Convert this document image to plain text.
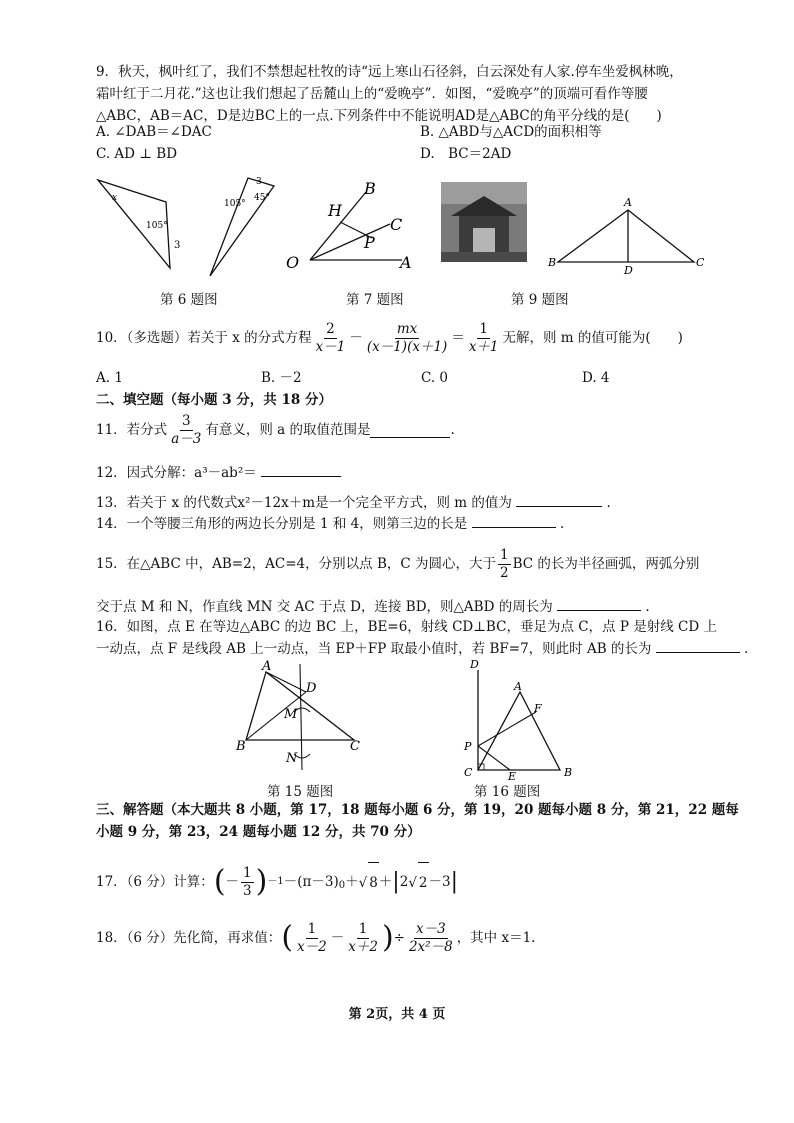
9．秋天，枫叶红了，我们不禁想起杜牧的诗“远上寒山石径斜，白云深处有人家.停车坐爱枫林晚，
霜叶红于二月花.”这也让我们想起了岳麓山上的“爱晚亭”．如图，“爱晚亭”的顶端可看作等腰
△ABC，AB＝AC，D是边BC上的一点.下列条件中不能说明AD是△ABC的角平分线的是(　　)
A. ∠DAB＝∠DAC	B. △ABD与△ACD的面积相等
C. AD ⊥ BD	D.　BC＝2AD
x
105°
3
105°
45°
3
第 6 题图
B
H
C
P
O	A
第 7 题图
A
B
D
C
第 9 题图
10．（多选题）若关于 x 的分式方程 $\frac{2}{x-1} - \frac{mx}{(x-1)(x+1)} = \frac{1}{x+1}$ 无解，则 m 的值可能为(　　)
A. 1	B. －2	C. 0	D. 4
二、填空题（每小题 3 分，共 18 分）
11．若分式 $\frac{3}{a-3}$ 有意义，则 a 的取值范围是	.
12．因式分解：a³－ab²＝
13．若关于 x 的代数式x²－12x＋m是一个完全平方式，则 m 的值为	.
14．一个等腰三角形的两边长分别是 1 和 4，则第三边的长是	.
15．在△ABC 中，AB=2，AC=4，分别以点 B，C 为圆心，大于 $\frac{1}{2}$ BC 的长为半径画弧，两弧分别
交于点 M 和 N，作直线 MN 交 AC 于点 D，连接 BD，则△ABD 的周长为	.
16．如图，点 E 在等边△ABC 的边 BC 上，BE=6，射线 CD⊥BC，垂足为点 C，点 P 是射线 CD 上
一动点，点 F 是线段 AB 上一动点，当 EP＋FP 取最小值时，若 BF=7，则此时 AB 的长为	.
A
D
M
B
N
C
第 15 题图
D
A
F
P
C	E	B
第 16 题图
三、解答题（本大题共 8 小题，第 17，18 题每小题 6 分，第 19，20 题每小题 8 分，第 21，22 题每
小题 9 分，第 23，24 题每小题 12 分，共 70 分）
17．（6 分）计算： ( － $\frac{1}{3}$ ) $-1 -(\pi-3)_0$ ＋ √ 8 ＋ | 2 √ 2 －3 |
18．（6 分）先化简，再求值： ( $\frac{1}{x-2} - \frac{1}{x+2}$ ) ÷ $\frac{x-3}{\text{2x²－8}}$ ，其中 x＝1.
第 2页，共 4 页
